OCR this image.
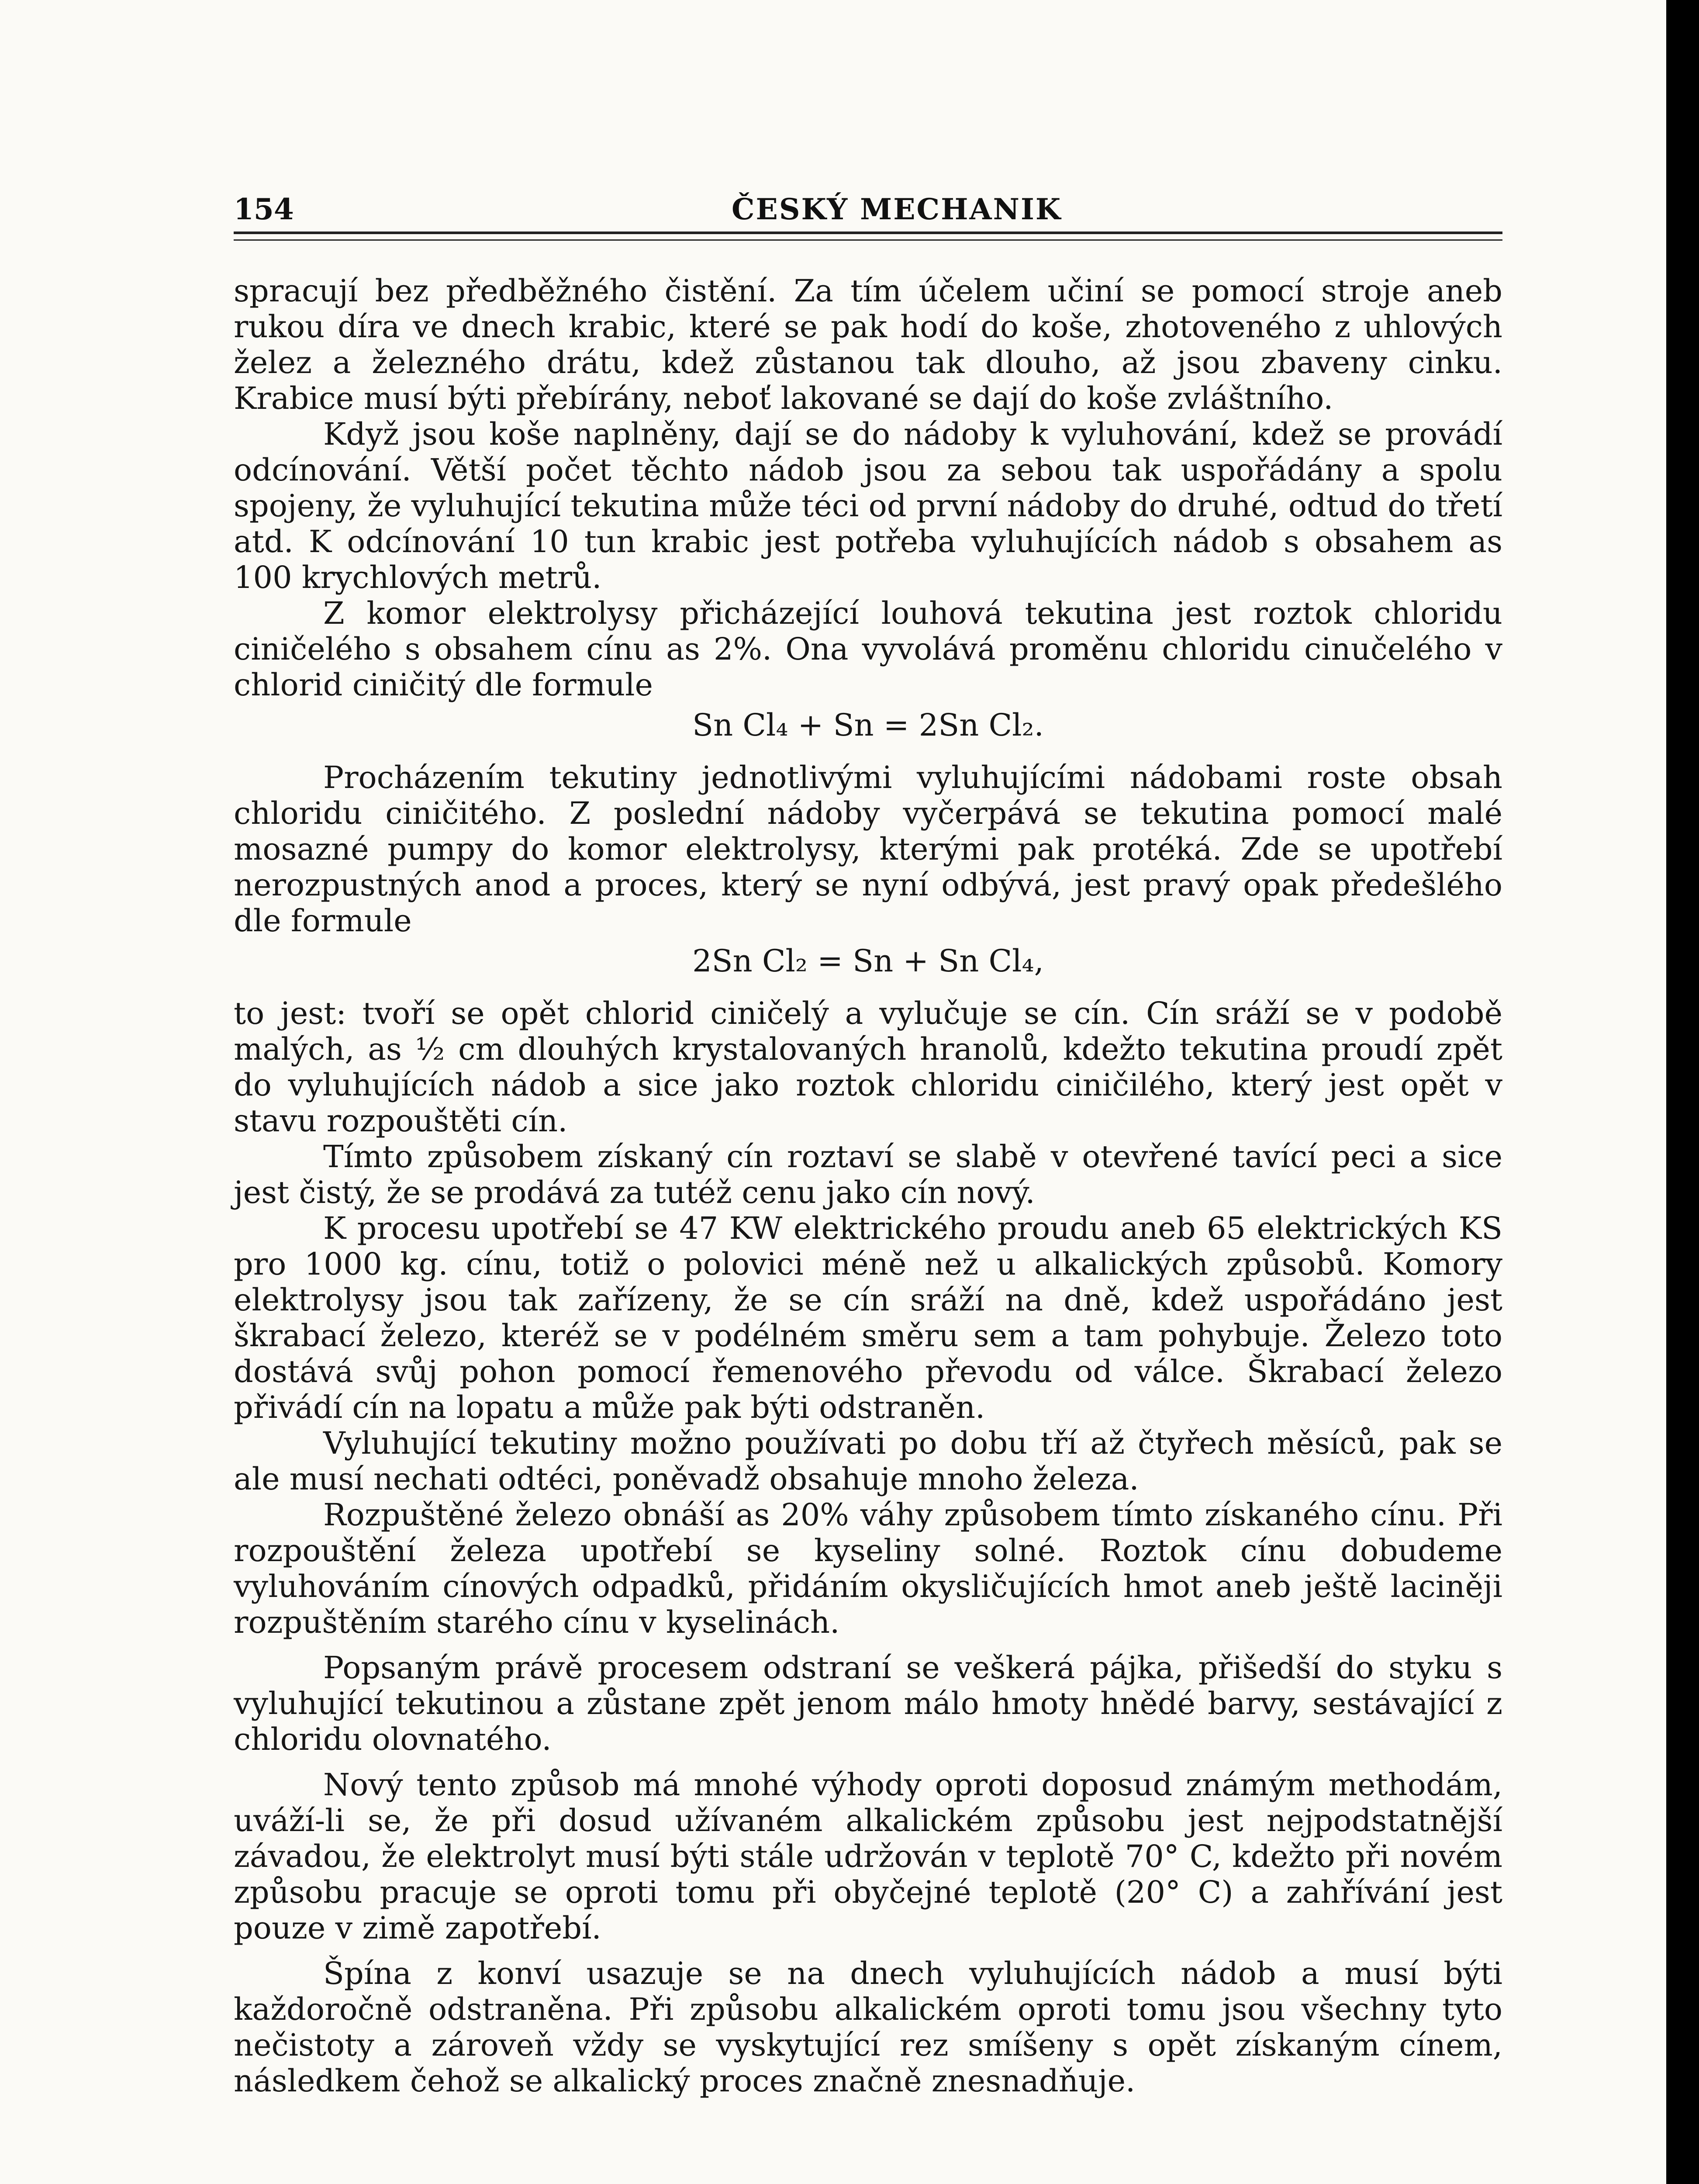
154	ČESKÝ MECHANIK

spracují bez předběžného čistění. Za tím účelem učiní se pomocí stroje aneb rukou díra ve dnech krabic, které se pak hodí do koše, zhotoveného z uhlových želez a železného drátu, kdež zůstanou tak dlouho, až jsou zbaveny cinku. Krabice musí býti přebírány, neboť lakované se dají do koše zvláštního.

Když jsou koše naplněny, dají se do nádoby k vyluhování, kdež se provádí odcínování. Větší počet těchto nádob jsou za sebou tak uspořádány a spolu spojeny, že vyluhující tekutina může téci od první nádoby do druhé, odtud do třetí atd. K odcínování 10 tun krabic jest potřeba vyluhujících nádob s obsahem as 100 krychlových metrů.

Z komor elektrolysy přicházející louhová tekutina jest roztok chloridu ciničelého s obsahem cínu as 2%. Ona vyvolává proměnu chloridu cinučelého v chlorid ciničitý dle formule

Sn Cl₄ + Sn = 2Sn Cl₂.

Procházením tekutiny jednotlivými vyluhujícími nádobami roste obsah chloridu ciničitého. Z poslední nádoby vyčerpává se tekutina pomocí malé mosazné pumpy do komor elektrolysy, kterými pak protéká. Zde se upotřebí nerozpustných anod a proces, který se nyní odbývá, jest pravý opak předešlého dle formule

2Sn Cl₂ = Sn + Sn Cl₄,

to jest: tvoří se opět chlorid ciničelý a vylučuje se cín. Cín sráží se v podobě malých, as ½ cm dlouhých krystalovaných hranolů, kdežto tekutina proudí zpět do vyluhujících nádob a sice jako roztok chloridu ciničilého, který jest opět v stavu rozpouštěti cín.

Tímto způsobem získaný cín roztaví se slabě v otevřené tavící peci a sice jest čistý, že se prodává za tutéž cenu jako cín nový.

K procesu upotřebí se 47 KW elektrického proudu aneb 65 elektrických KS pro 1000 kg. cínu, totiž o polovici méně než u alkalických způsobů. Komory elektrolysy jsou tak zařízeny, že se cín sráží na dně, kdež uspořádáno jest škrabací železo, kteréž se v podélném směru sem a tam pohybuje. Železo toto dostává svůj pohon pomocí řemenového převodu od válce. Škrabací železo přivádí cín na lopatu a může pak býti odstraněn.

Vyluhující tekutiny možno používati po dobu tří až čtyřech měsíců, pak se ale musí nechati odtéci, poněvadž obsahuje mnoho železa.

Rozpuštěné železo obnáší as 20% váhy způsobem tímto získaného cínu. Při rozpouštění železa upotřebí se kyseliny solné. Roztok cínu dobudeme vyluhováním cínových odpadků, přidáním okysličujících hmot aneb ještě laciněji rozpuštěním starého cínu v kyselinách.

Popsaným právě procesem odstraní se veškerá pájka, přišedší do styku s vyluhující tekutinou a zůstane zpět jenom málo hmoty hnědé barvy, sestávající z chloridu olovnatého.

Nový tento způsob má mnohé výhody oproti doposud známým methodám, uváží-li se, že při dosud užívaném alkalickém způsobu jest nejpodstatnější závadou, že elektrolyt musí býti stále udržován v teplotě 70° C, kdežto při novém způsobu pracuje se oproti tomu při obyčejné teplotě (20° C) a zahřívání jest pouze v zimě zapotřebí.

Špína z konví usazuje se na dnech vyluhujících nádob a musí býti každoročně odstraněna. Při způsobu alkalickém oproti tomu jsou všechny tyto nečistoty a zároveň vždy se vyskytující rez smíšeny s opět získaným cínem, následkem čehož se alkalický proces značně znesnadňuje.
